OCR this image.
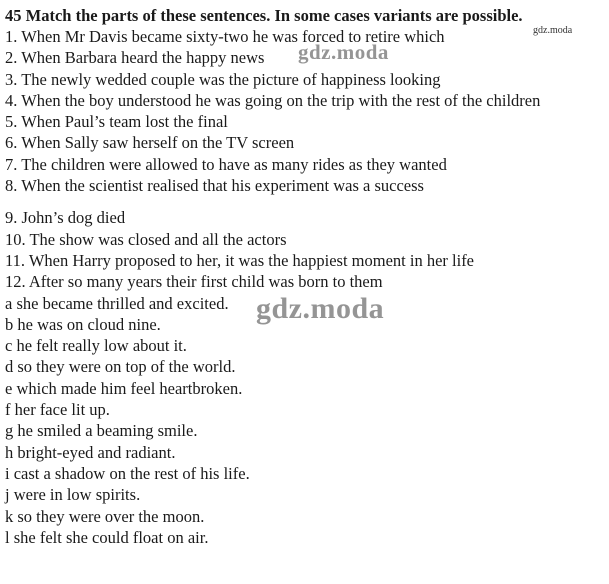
45 Match the parts of these sentences. In some cases variants are possible.
1. When Mr Davis became sixty-two he was forced to retire which
2. When Barbara heard the happy news
3. The newly wedded couple was the picture of happiness looking
4. When the boy understood he was going on the trip with the rest of the children
5. When Paul’s team lost the final
6. When Sally saw herself on the TV screen
7. The children were allowed to have as many rides as they wanted
8. When the scientist realised that his experiment was a success
9. John’s dog died
10. The show was closed and all the actors
11. When Harry proposed to her, it was the happiest moment in her life
12. After so many years their first child was born to them
a she became thrilled and excited.
b he was on cloud nine.
c he felt really low about it.
d so they were on top of the world.
e which made him feel heartbroken.
f her face lit up.
g he smiled a beaming smile.
h bright-eyed and radiant.
i cast a shadow on the rest of his life.
j were in low spirits.
k so they were over the moon.
l she felt she could float on air.
gdz.moda
gdz.moda
gdz.moda
